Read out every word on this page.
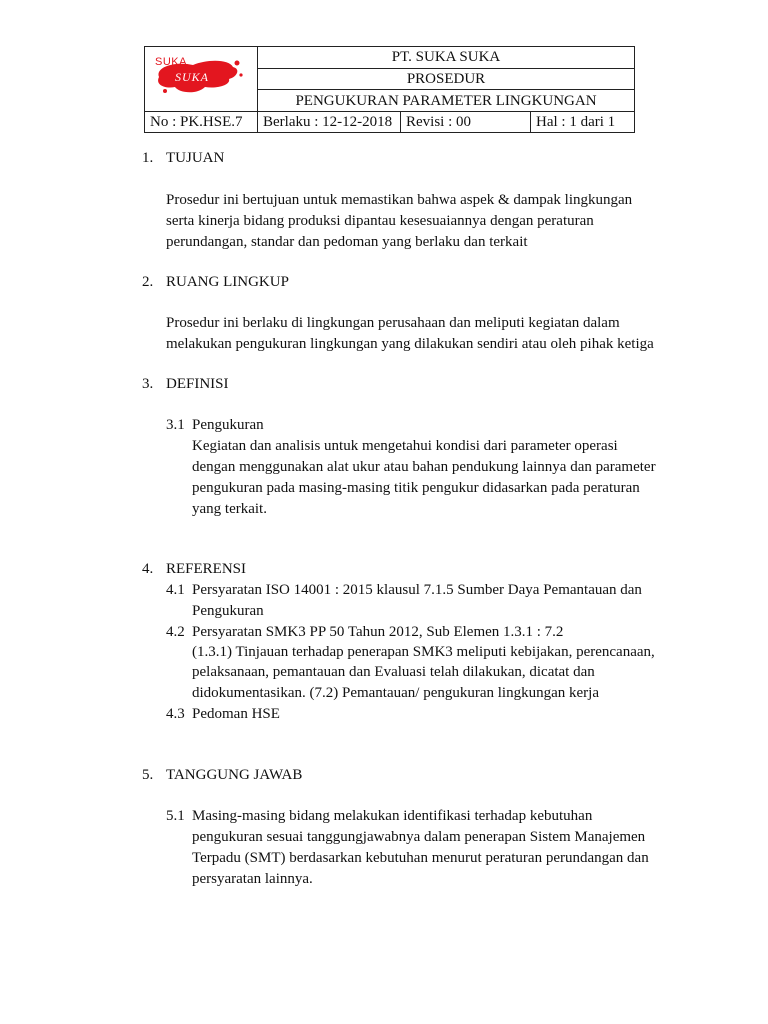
SUKA
SUKA	PT. SUKA SUKA		
	PROSEDUR		
	PENGUKURAN PARAMETER LINGKUNGAN		
No : PK.HSE.7	Berlaku : 12-12-2018	Revisi : 00	Hal : 1 dari 1
1. TUJUAN
Prosedur ini bertujuan untuk memastikan bahwa aspek & dampak lingkungan
serta kinerja bidang produksi dipantau kesesuaiannya dengan peraturan
perundangan, standar dan pedoman yang berlaku dan terkait
2. RUANG LINGKUP
Prosedur ini berlaku di lingkungan perusahaan dan meliputi kegiatan dalam
melakukan pengukuran lingkungan yang dilakukan sendiri atau oleh pihak ketiga
3. DEFINISI
3.1 Pengukuran
Kegiatan dan analisis untuk mengetahui kondisi dari parameter operasi
dengan menggunakan alat ukur atau bahan pendukung lainnya dan parameter
pengukuran pada masing-masing titik pengukur didasarkan pada peraturan
yang terkait.
4. REFERENSI
4.1 Persyaratan ISO 14001 : 2015 klausul 7.1.5 Sumber Daya Pemantauan dan
Pengukuran
4.2 Persyaratan SMK3 PP 50 Tahun 2012, Sub Elemen 1.3.1 : 7.2
(1.3.1) Tinjauan terhadap penerapan SMK3 meliputi kebijakan, perencanaan,
pelaksanaan, pemantauan dan Evaluasi telah dilakukan, dicatat dan
didokumentasikan. (7.2) Pemantauan/ pengukuran lingkungan kerja
4.3 Pedoman HSE
5. TANGGUNG JAWAB
5.1 Masing-masing bidang melakukan identifikasi terhadap kebutuhan
pengukuran sesuai tanggungjawabnya dalam penerapan Sistem Manajemen
Terpadu (SMT) berdasarkan kebutuhan menurut peraturan perundangan dan
persyaratan lainnya.
